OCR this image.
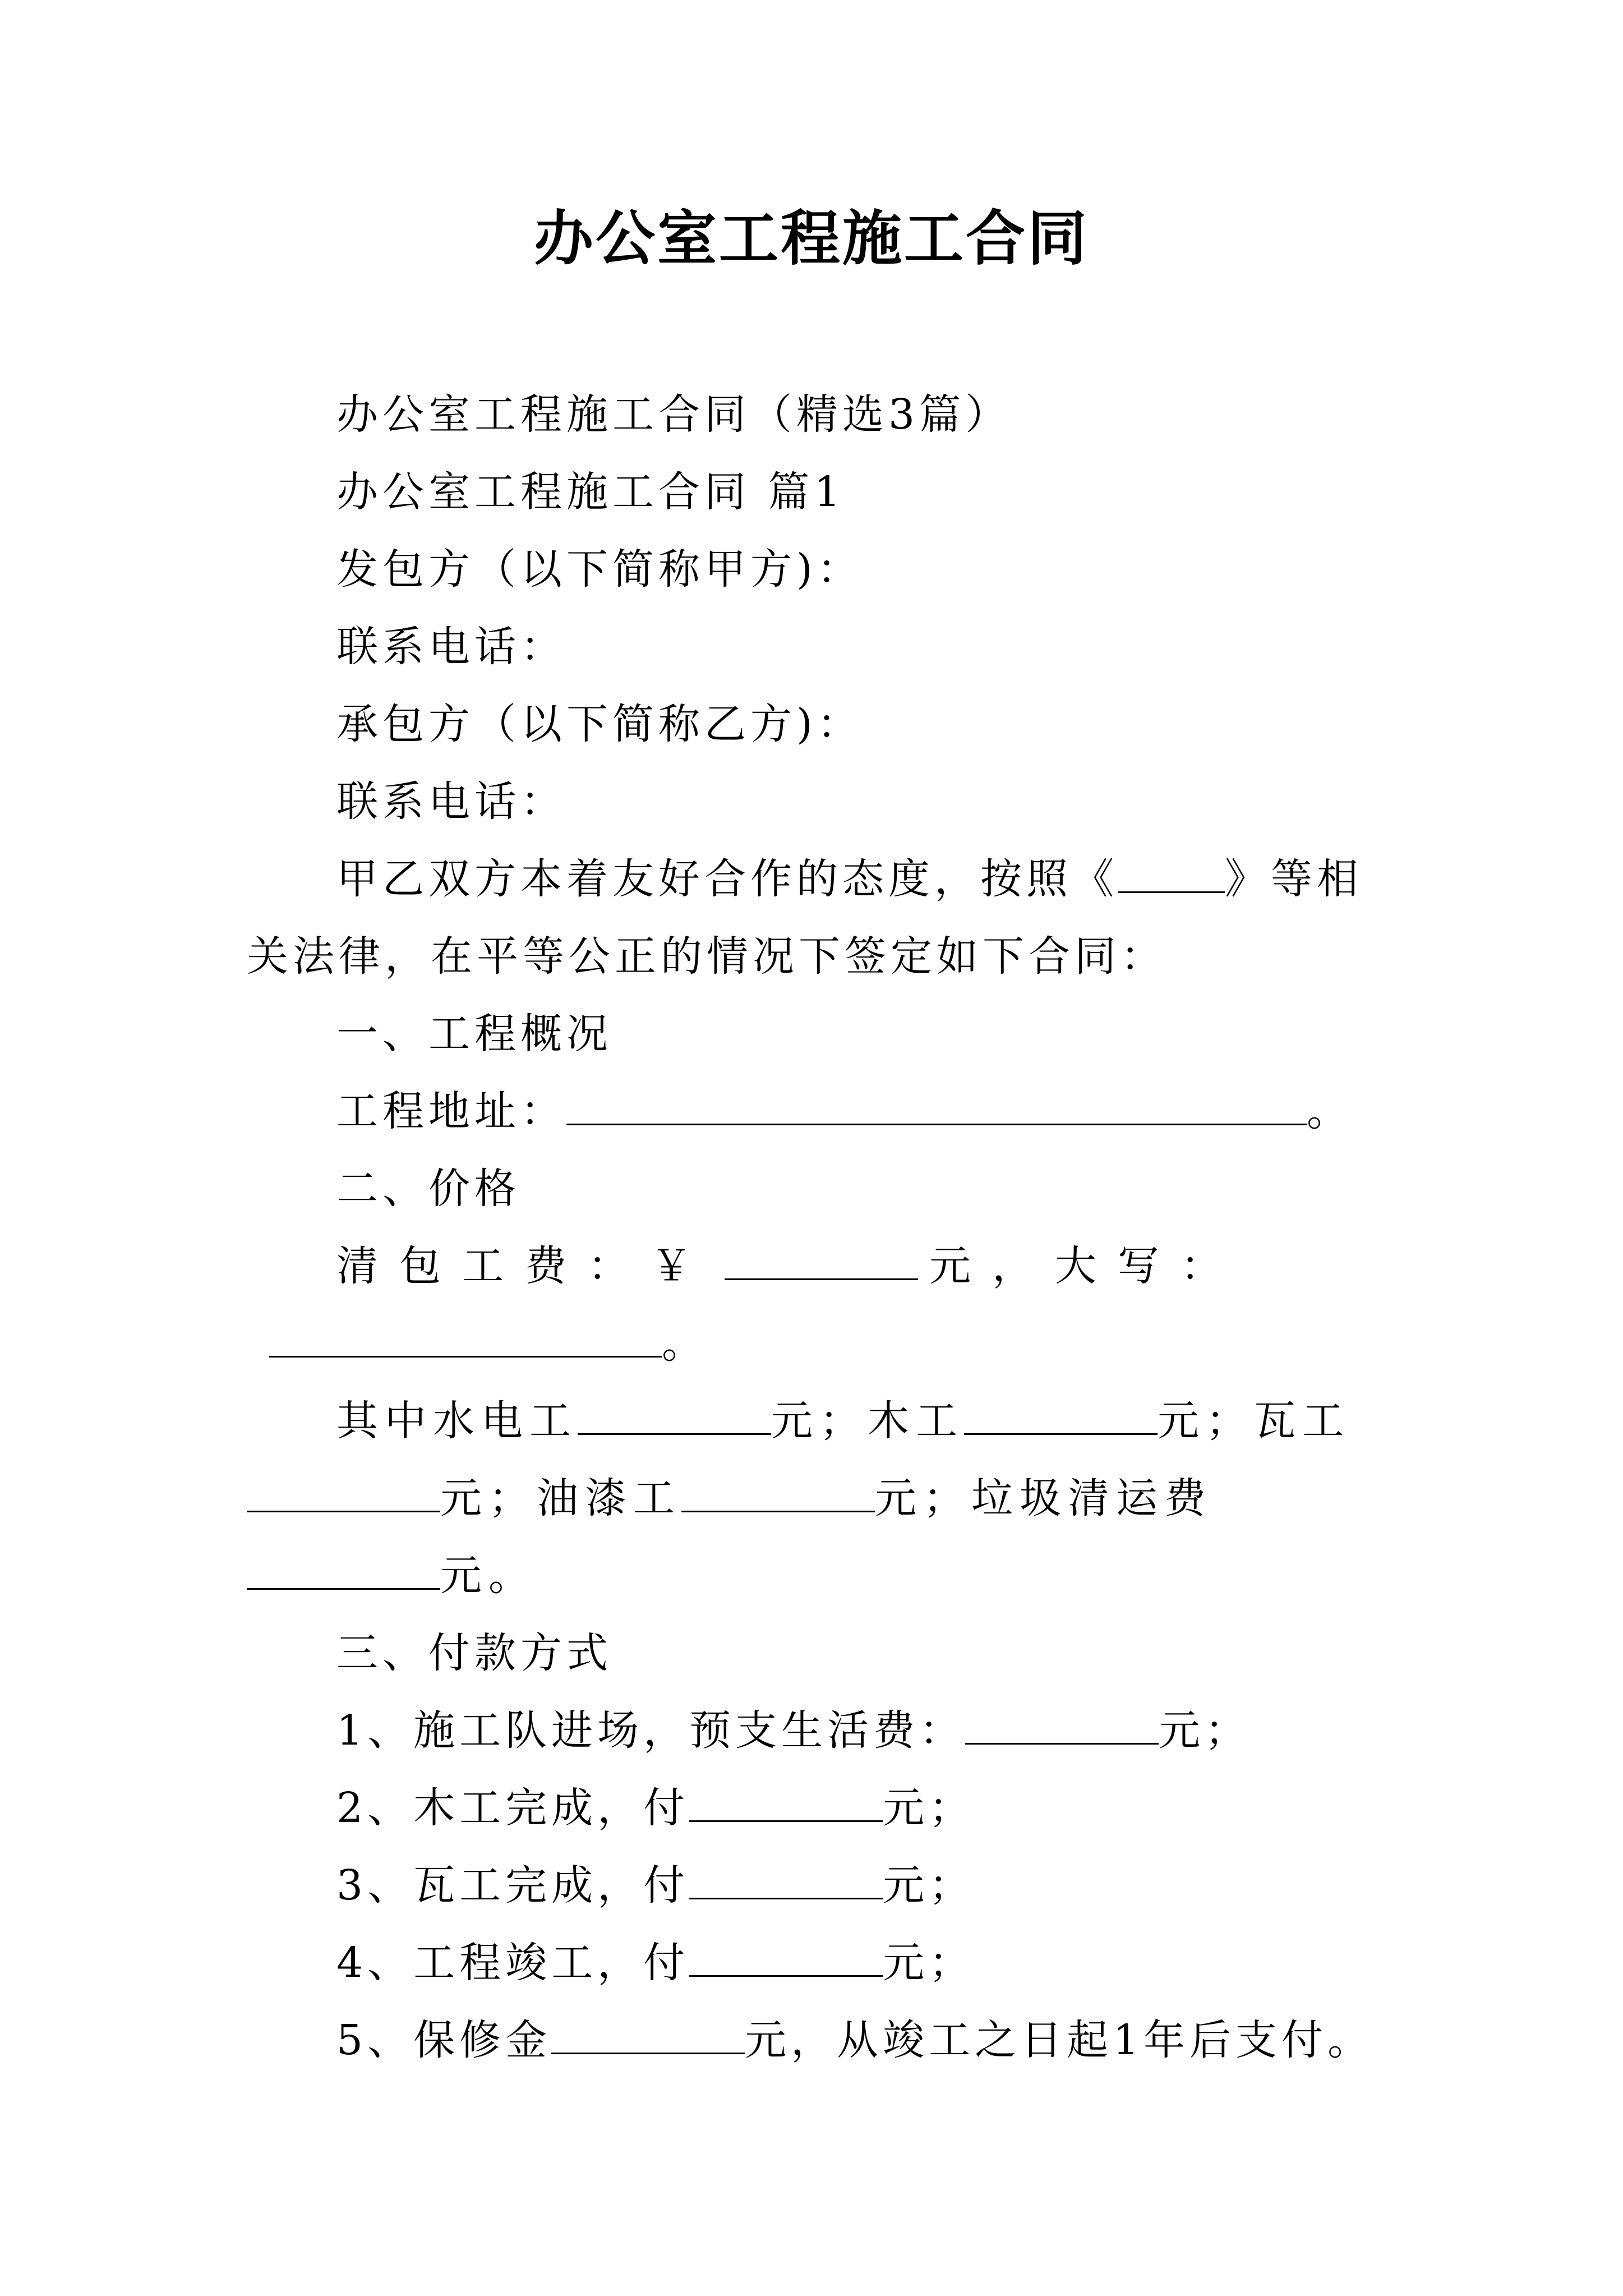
办公室工程施工合同

办公室工程施工合同（精选3篇）

办公室工程施工合同 篇1

发包方（以下简称甲方)：

联系电话：

承包方（以下简称乙方)：

联系电话：

甲乙双方本着友好合作的态度，按照《	》等相关法律，在平等公正的情况下签定如下合同：

一、工程概况

工程地址：	。

二、价格

清包工费：￥	元，大写：。

其中水电工	元；木工	元；瓦工元；油漆工	元；垃圾清运费元。

三、付款方式

1、施工队进场，预支生活费：	元；

2、木工完成，付	元；

3、瓦工完成，付	元；

4、工程竣工，付	元；

5、保修金	元，从竣工之日起1年后支付。
